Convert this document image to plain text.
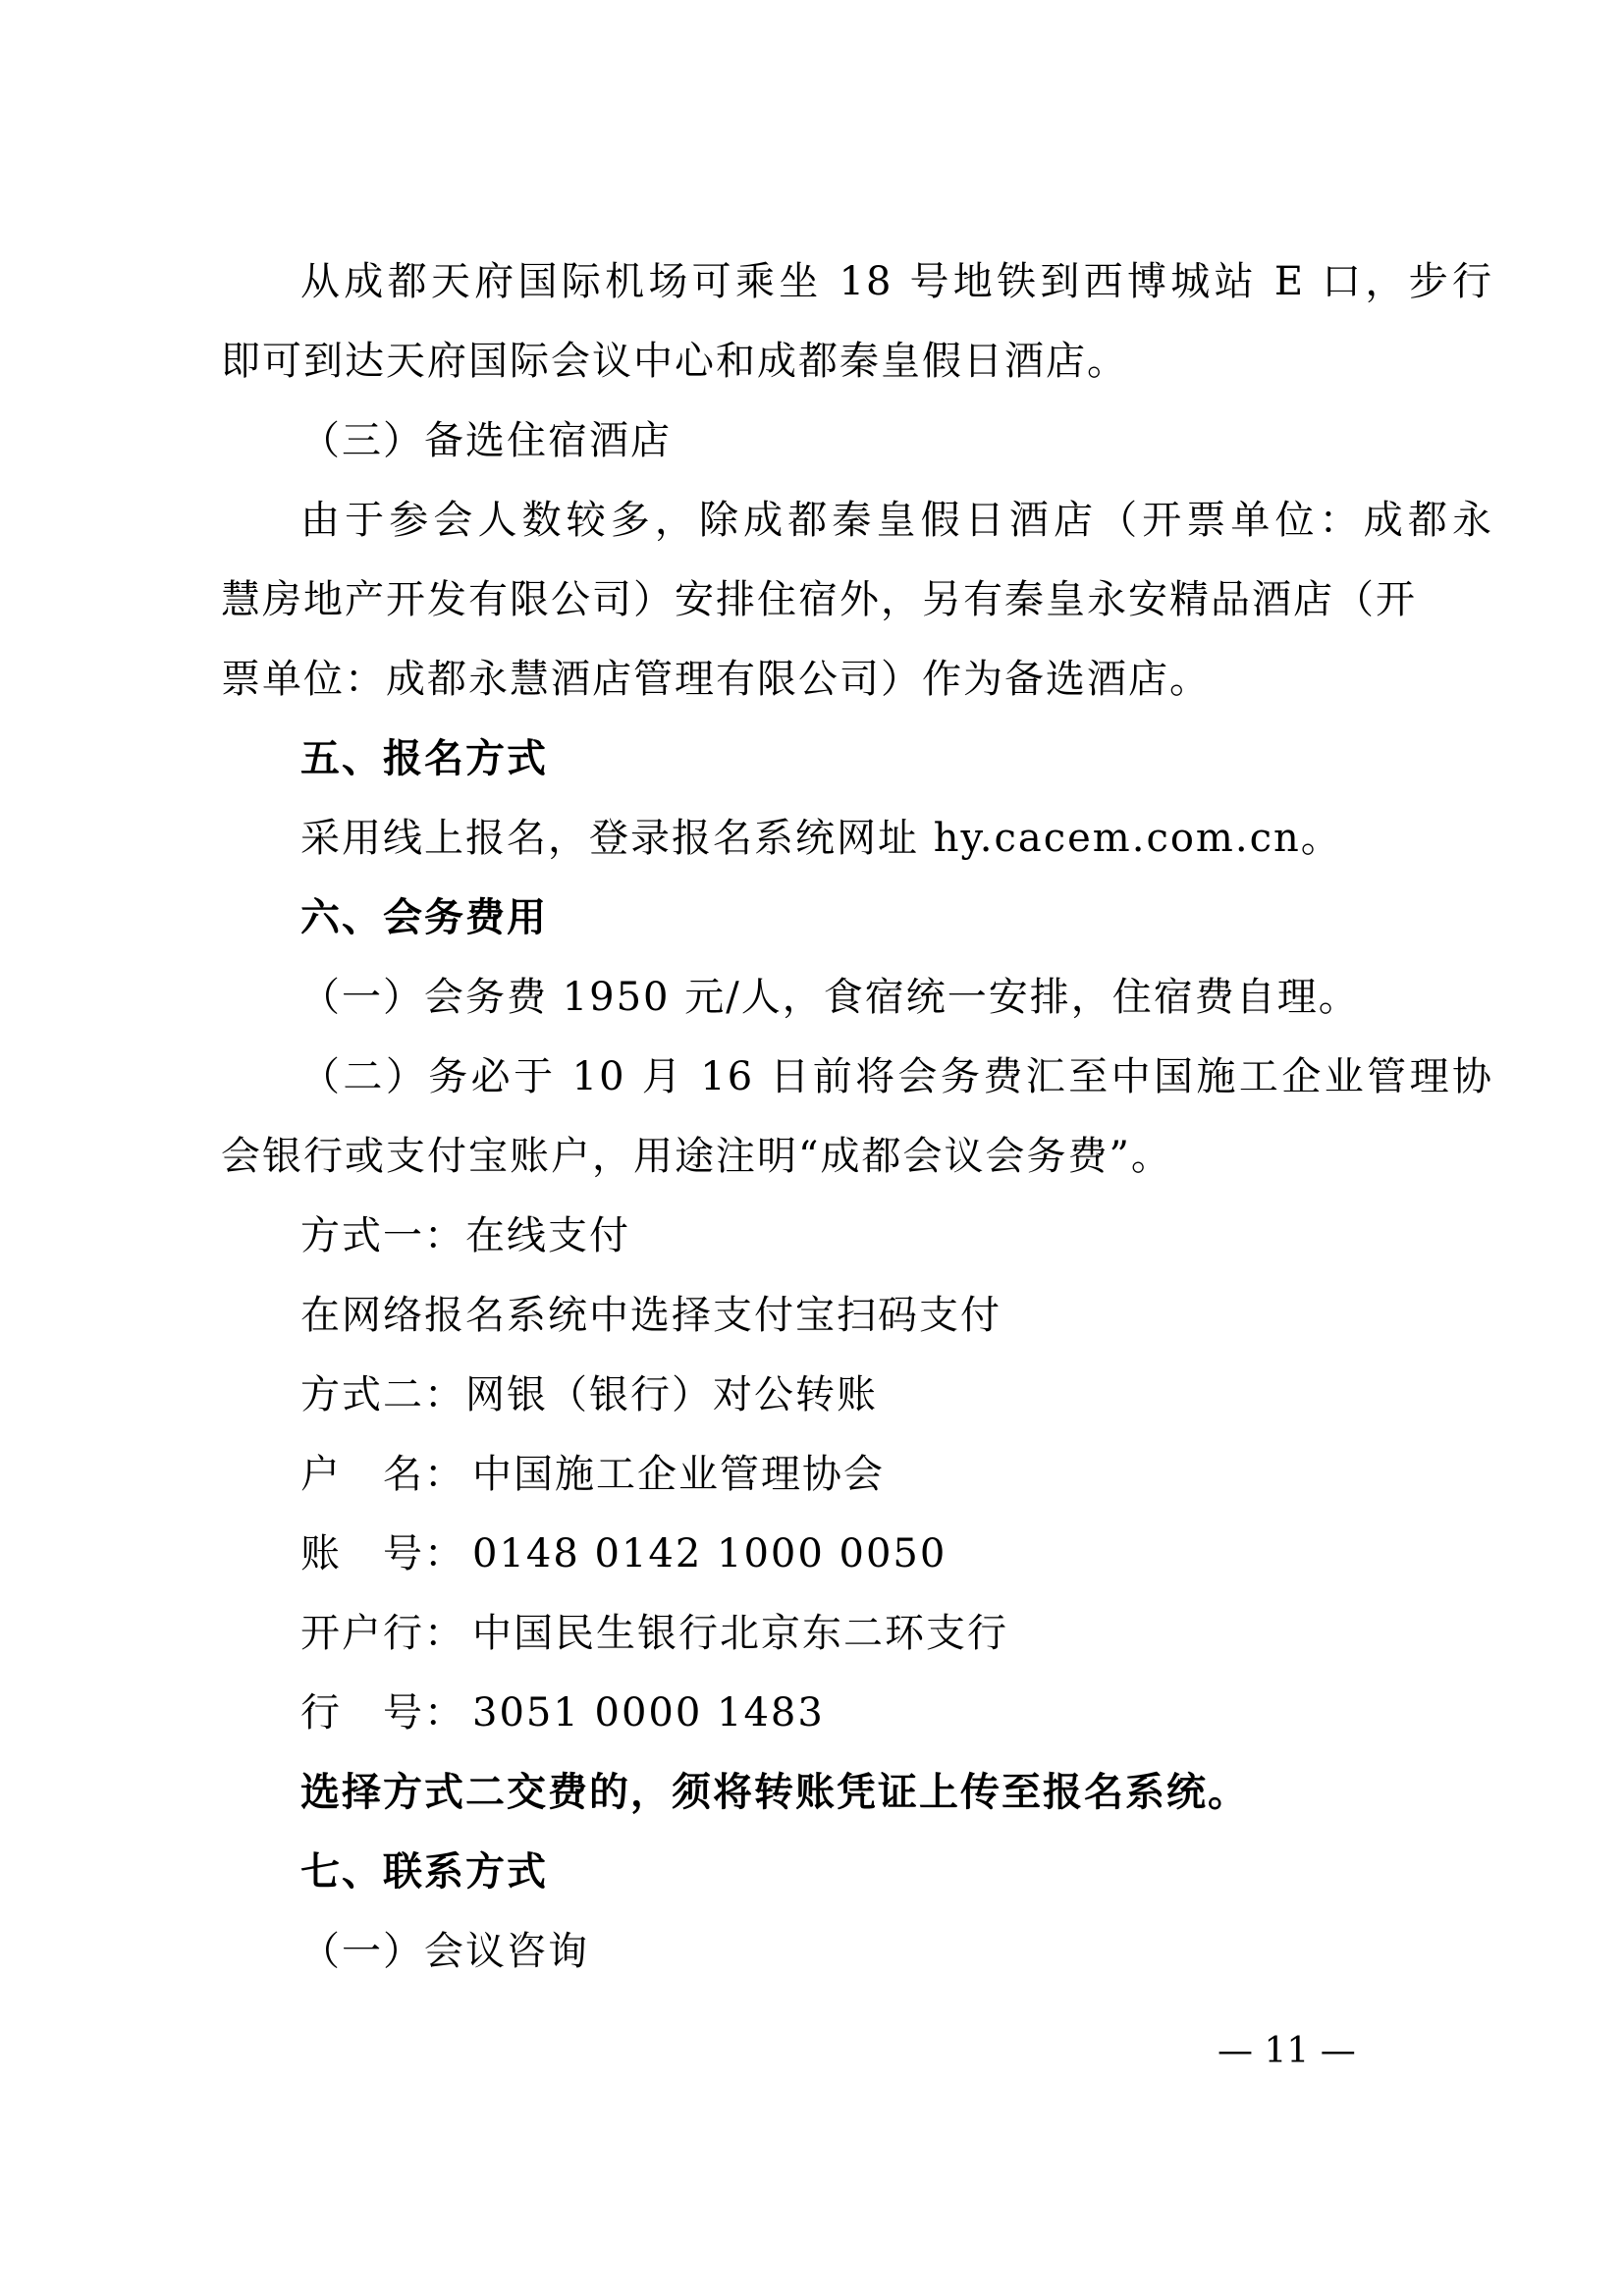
从成都天府国际机场可乘坐 18 号地铁到西博城站 E 口，步行
即可到达天府国际会议中心和成都秦皇假日酒店。
（三）备选住宿酒店
由于参会人数较多，除成都秦皇假日酒店（开票单位：成都永
慧房地产开发有限公司）安排住宿外，另有秦皇永安精品酒店（开
票单位：成都永慧酒店管理有限公司）作为备选酒店。
五、报名方式
采用线上报名，登录报名系统网址 hy.cacem.com.cn。
六、会务费用
（一）会务费 1950 元/人，食宿统一安排，住宿费自理。
（二）务必于 10 月 16 日前将会务费汇至中国施工企业管理协
会银行或支付宝账户，用途注明“成都会议会务费”。
方式一：在线支付
在网络报名系统中选择支付宝扫码支付
方式二：网银（银行）对公转账
户　名： 中国施工企业管理协会
账　号： 0148 0142 1000 0050
开户行： 中国民生银行北京东二环支行
行　号： 3051 0000 1483
选择方式二交费的，须将转账凭证上传至报名系统。
七、联系方式
（一）会议咨询
— 11 —
